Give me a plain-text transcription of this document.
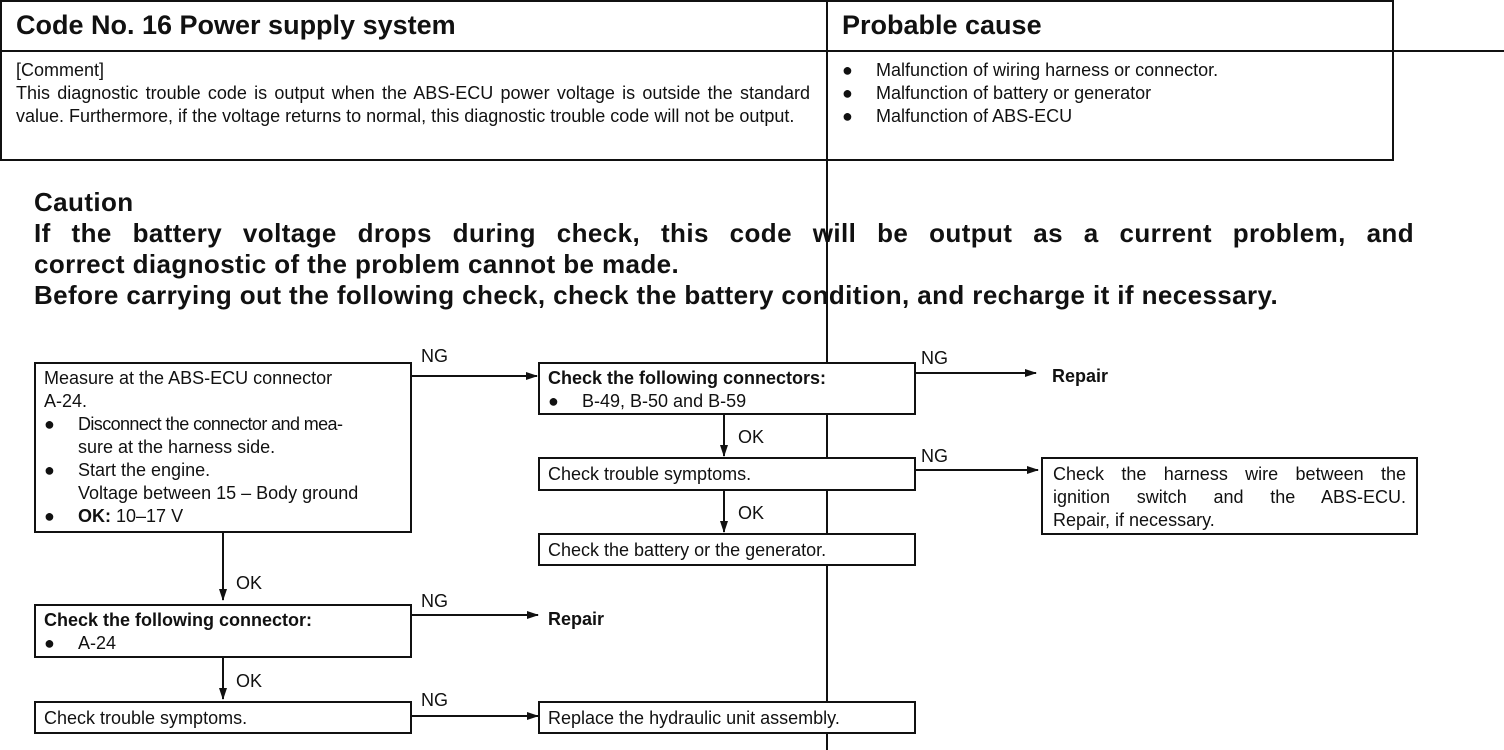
Code No. 16 Power supply system	Probable cause
[Comment]
This diagnostic trouble code is output when the ABS-ECU power voltage is outside the standard value. Furthermore, if the voltage returns to normal, this diagnostic trouble code will not be output.
●	Malfunction of wiring harness or connector.
●	Malfunction of battery or generator
●	Malfunction of ABS-ECU
Caution
If the battery voltage drops during check, this code will be output as a current problem, and
correct diagnostic of the problem cannot be made.
Before carrying out the following check, check the battery condition, and recharge it if necessary.
NG	NG
OK
NG
OK
OK
NG
OK
NG
Measure at the ABS-ECU connector
A-24.
●	Disconnect the connector and mea-
sure at the harness side.
●	Start the engine.
Voltage between 15 – Body ground
●	OK:
10–17 V
Check the following connectors:
●	B-49, B-50 and B-59
Repair
Check trouble symptoms.	Check the harness wire between the
ignition switch and the ABS-ECU.
Repair, if necessary.
Check the battery or the generator.
Check the following connector:
●	A-24
Repair
Check trouble symptoms.	Replace the hydraulic unit assembly.
